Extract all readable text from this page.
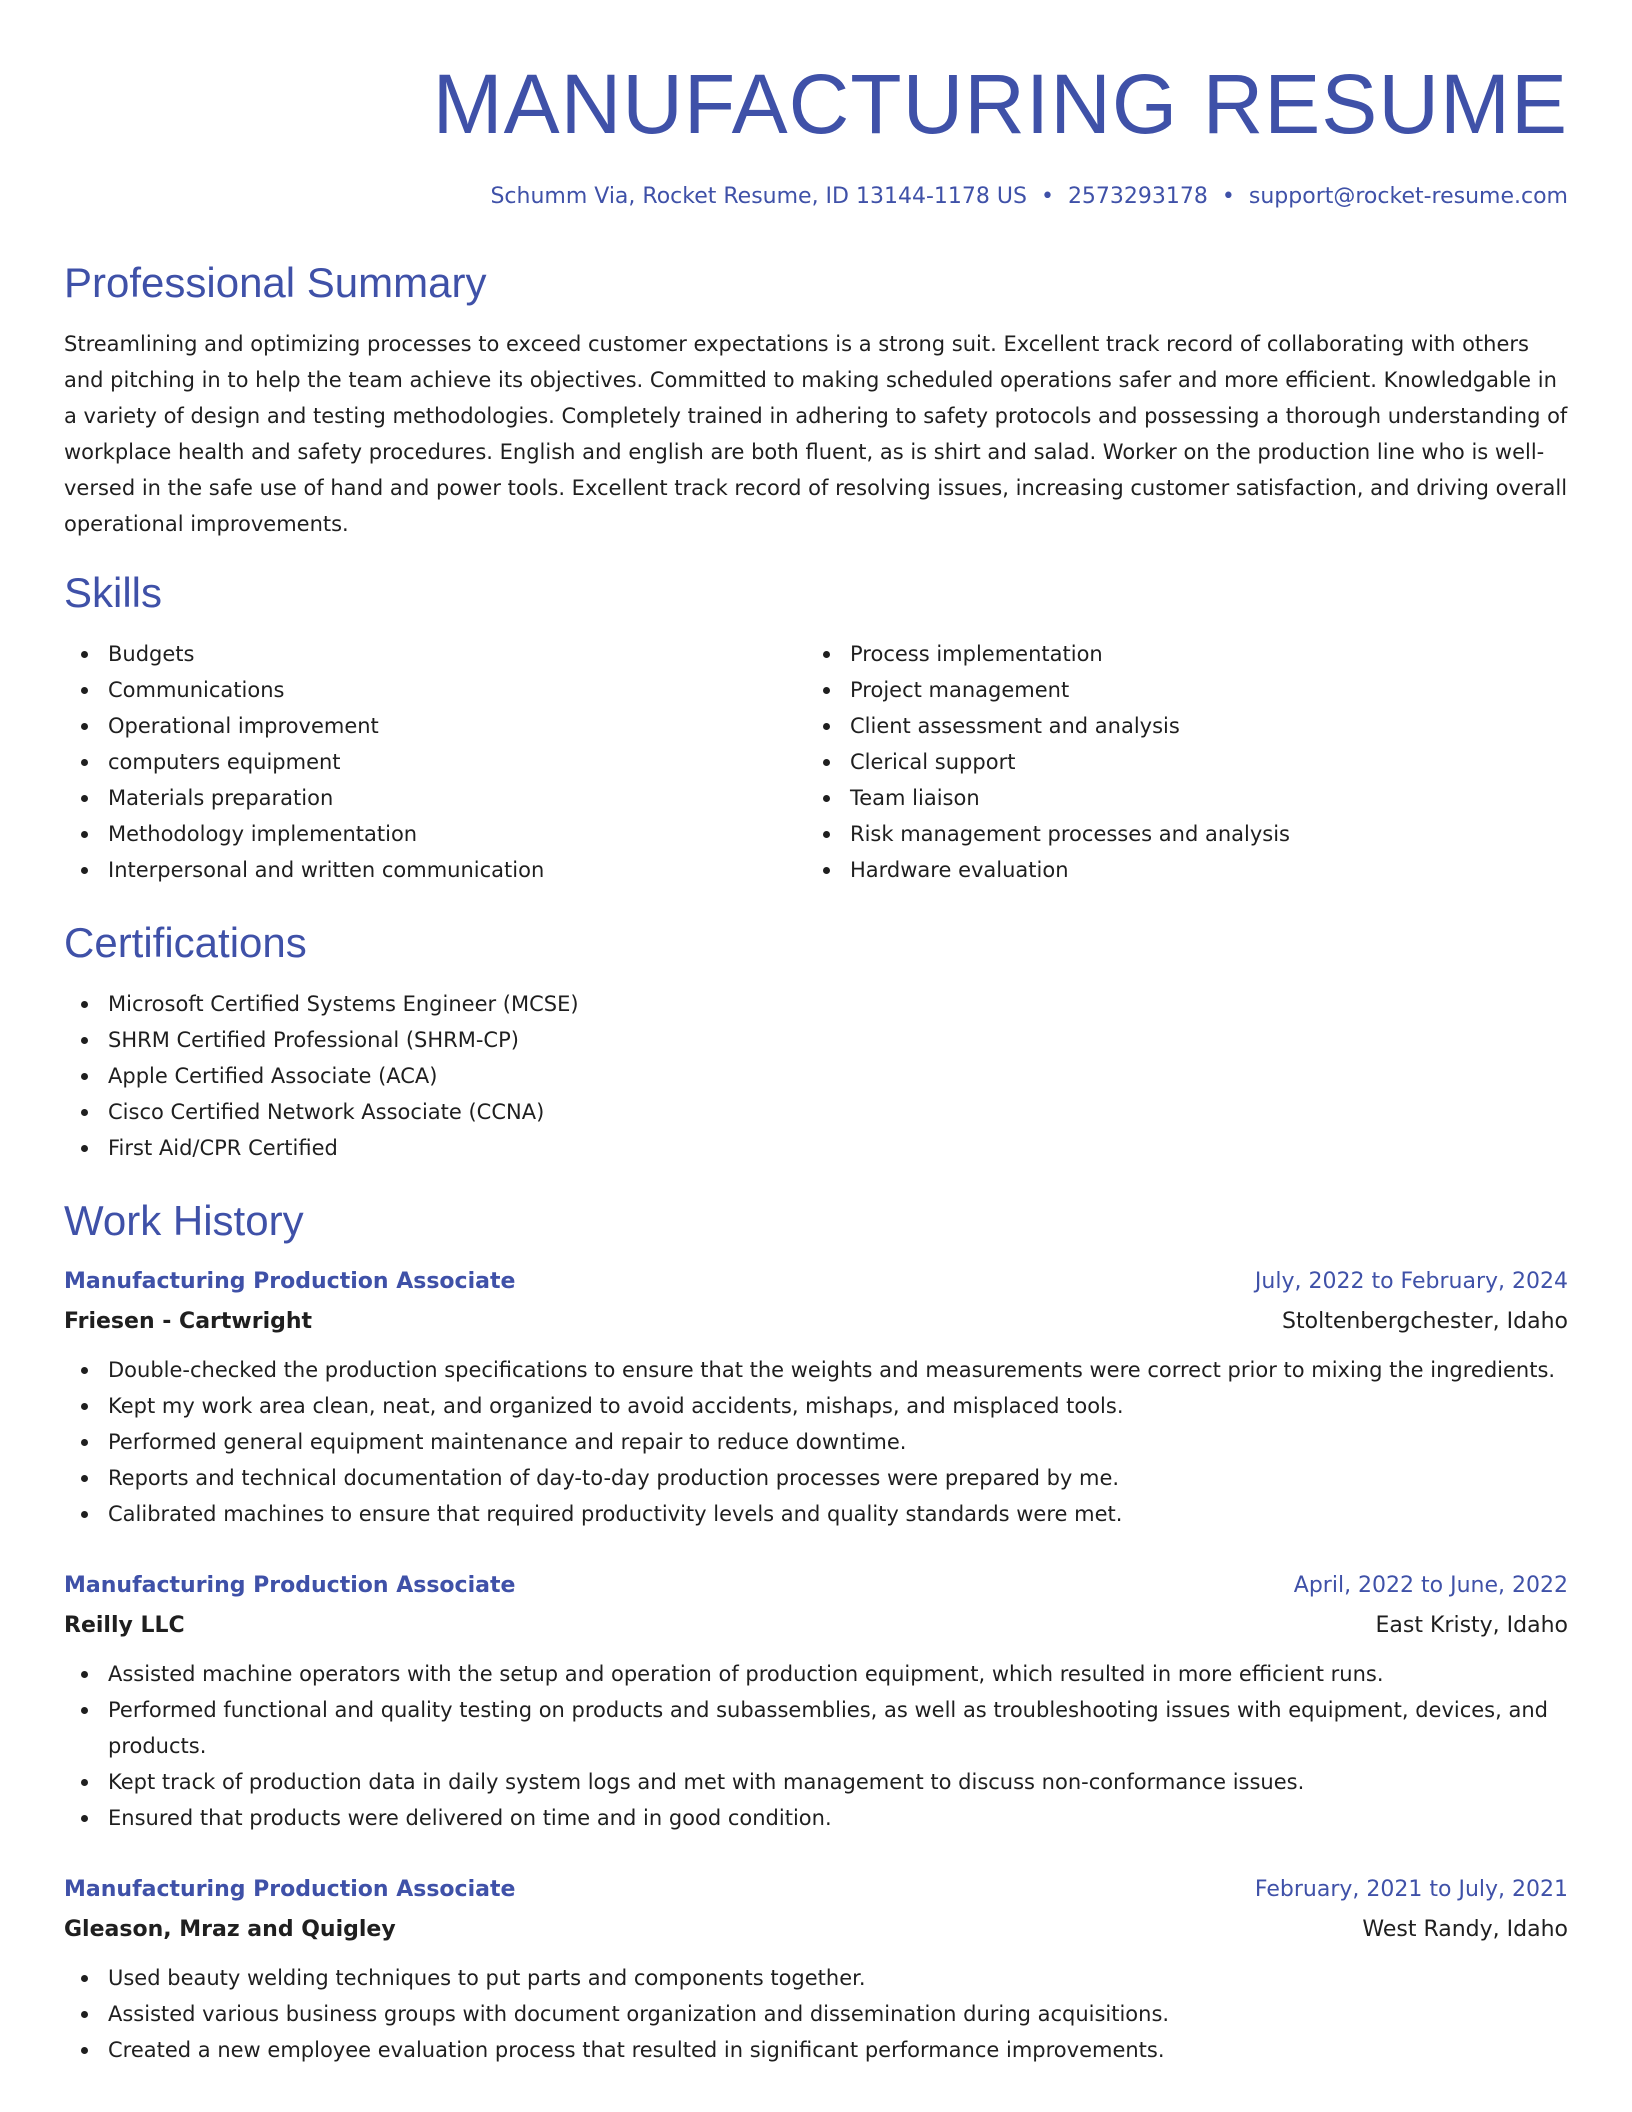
MANUFACTURING RESUME
Schumm Via, Rocket Resume, ID 13144-1178 US • 2573293178 • support@rocket-resume.com
Professional Summary

Streamlining and optimizing processes to exceed customer expectations is a strong suit. Excellent track record of collaborating with others and pitching in to help the team achieve its objectives. Committed to making scheduled operations safer and more efficient. Knowledgable in a variety of design and testing methodologies. Completely trained in adhering to safety protocols and possessing a thorough understanding of workplace health and safety procedures. English and english are both fluent, as is shirt and salad. Worker on the production line who is well-versed in the safe use of hand and power tools. Excellent track record of resolving issues, increasing customer satisfaction, and driving overall operational improvements.

Skills
Budgets
Communications
Operational improvement
computers equipment
Materials preparation
Methodology implementation
Interpersonal and written communication
Process implementation
Project management
Client assessment and analysis
Clerical support
Team liaison
Risk management processes and analysis
Hardware evaluation
Certifications
Microsoft Certified Systems Engineer (MCSE)
SHRM Certified Professional (SHRM-CP)
Apple Certified Associate (ACA)
Cisco Certified Network Associate (CCNA)
First Aid/CPR Certified
Work History
Manufacturing Production Associate	July, 2022 to February, 2024
Friesen - Cartwright	Stoltenbergchester, Idaho
Double-checked the production specifications to ensure that the weights and measurements were correct prior to mixing the ingredients.
Kept my work area clean, neat, and organized to avoid accidents, mishaps, and misplaced tools.
Performed general equipment maintenance and repair to reduce downtime.
Reports and technical documentation of day-to-day production processes were prepared by me.
Calibrated machines to ensure that required productivity levels and quality standards were met.
Manufacturing Production Associate	April, 2022 to June, 2022
Reilly LLC	East Kristy, Idaho
Assisted machine operators with the setup and operation of production equipment, which resulted in more efficient runs.
Performed functional and quality testing on products and subassemblies, as well as troubleshooting issues with equipment, devices, and products.
Kept track of production data in daily system logs and met with management to discuss non-conformance issues.
Ensured that products were delivered on time and in good condition.
Manufacturing Production Associate	February, 2021 to July, 2021
Gleason, Mraz and Quigley	West Randy, Idaho
Used beauty welding techniques to put parts and components together.
Assisted various business groups with document organization and dissemination during acquisitions.
Created a new employee evaluation process that resulted in significant performance improvements.
